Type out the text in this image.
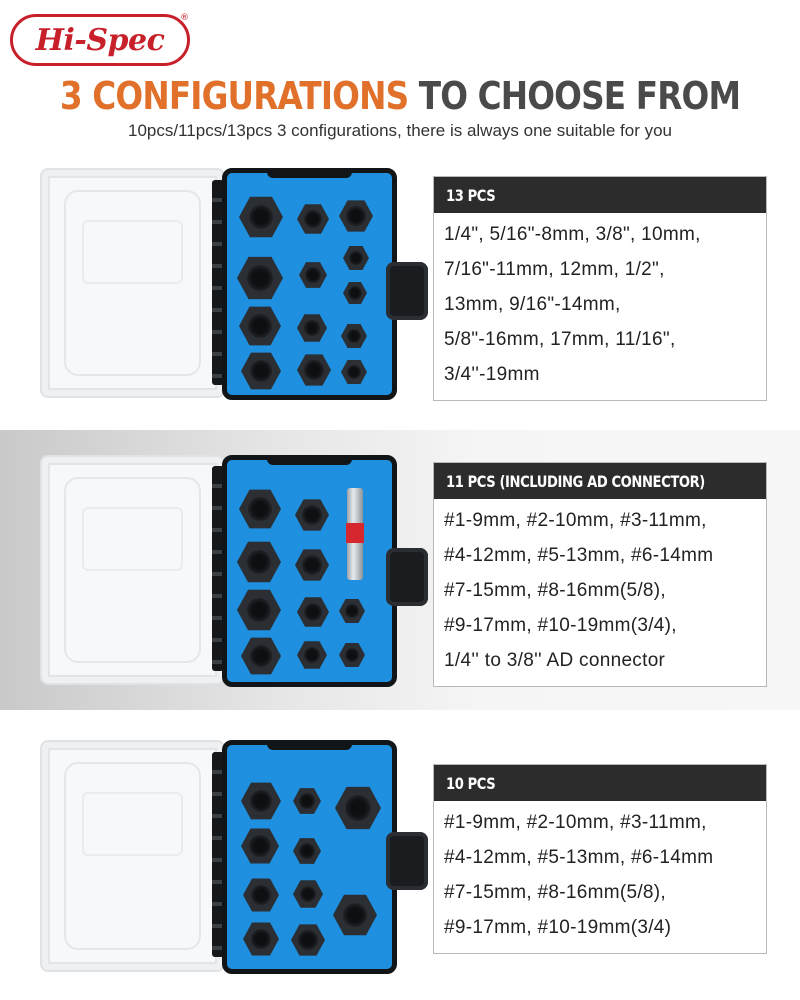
Hi-Spec
®
3 CONFIGURATIONS TO CHOOSE FROM
10pcs/11pcs/13pcs 3 configurations, there is always one suitable for you
13 PCS
1/4", 5/16"-8mm, 3/8", 10mm,
7/16"-11mm, 12mm, 1/2",
13mm, 9/16"-14mm,
5/8"-16mm, 17mm, 11/16",
3/4''-19mm
11 PCS (INCLUDING AD CONNECTOR)
#1-9mm, #2-10mm, #3-11mm,
#4-12mm, #5-13mm, #6-14mm
#7-15mm, #8-16mm(5/8),
#9-17mm, #10-19mm(3/4),
1/4'' to 3/8'' AD connector
10 PCS
#1-9mm, #2-10mm, #3-11mm,
#4-12mm, #5-13mm, #6-14mm
#7-15mm, #8-16mm(5/8),
#9-17mm, #10-19mm(3/4)
